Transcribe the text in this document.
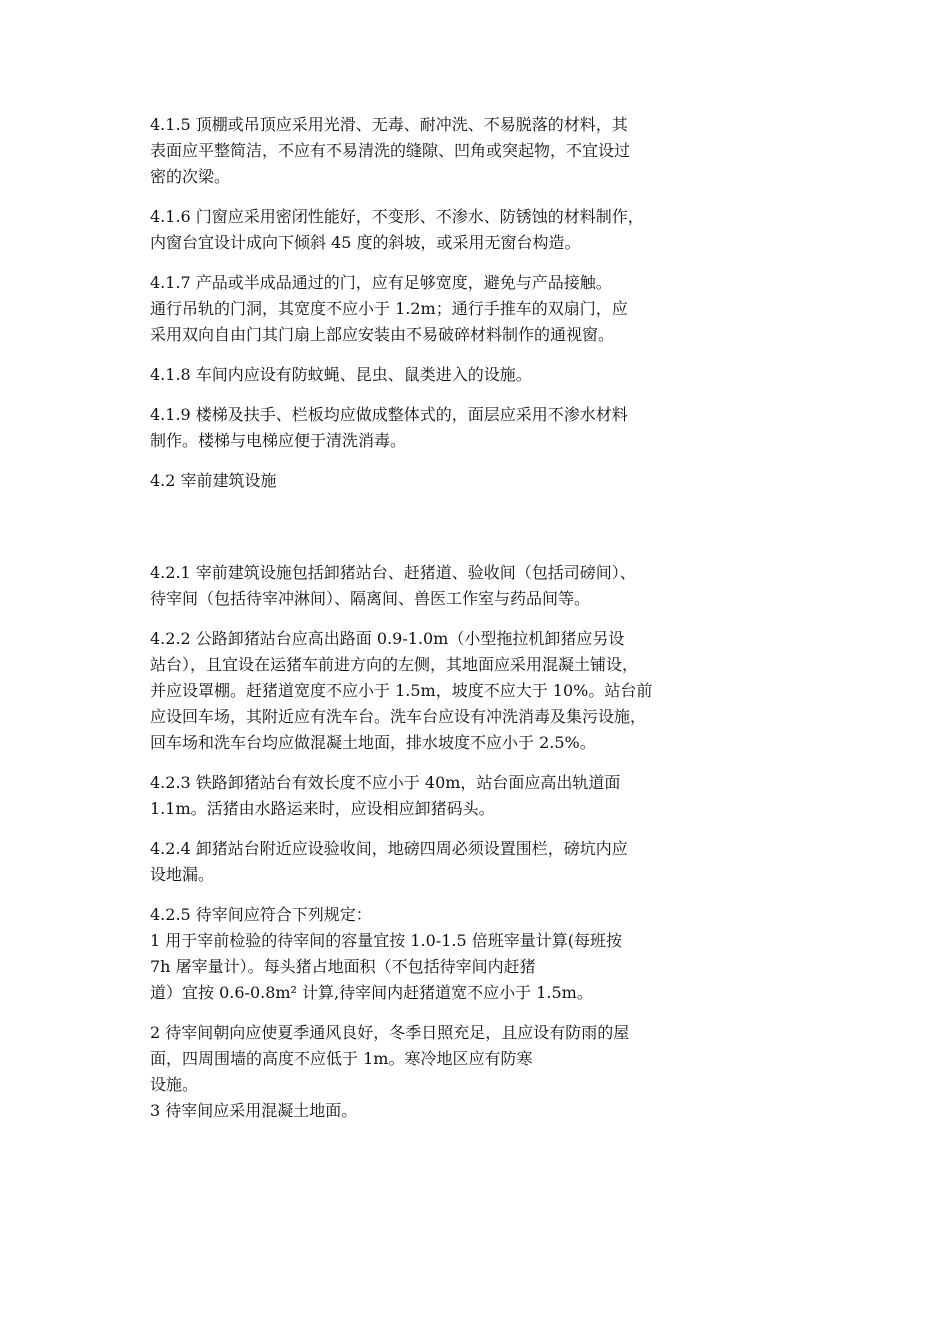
4.1.5 顶棚或吊顶应采用光滑、无毒、耐冲洗、不易脱落的材料，其
表面应平整简洁，不应有不易清洗的缝隙、凹角或突起物，不宜设过
密的次梁。
4.1.6 门窗应采用密闭性能好，不变形、不渗水、防锈蚀的材料制作，
内窗台宜设计成向下倾斜 45 度的斜坡，或采用无窗台构造。
4.1.7 产品或半成品通过的门，应有足够宽度，避免与产品接触。
通行吊轨的门洞，其宽度不应小于 1.2m；通行手推车的双扇门，应
采用双向自由门其门扇上部应安装由不易破碎材料制作的通视窗。
4.1.8 车间内应设有防蚊蝇、昆虫、鼠类进入的设施。
4.1.9 楼梯及扶手、栏板均应做成整体式的，面层应采用不渗水材料
制作。楼梯与电梯应便于清洗消毒。
4.2 宰前建筑设施
4.2.1 宰前建筑设施包括卸猪站台、赶猪道、验收间（包括司磅间）、
待宰间（包括待宰冲淋间）、隔离间、兽医工作室与药品间等。
4.2.2 公路卸猪站台应高出路面 0.9-1.0m（小型拖拉机卸猪应另设
站台），且宜设在运猪车前进方向的左侧，其地面应采用混凝土铺设，
并应设罩棚。赶猪道宽度不应小于 1.5m，坡度不应大于 10%。站台前
应设回车场，其附近应有洗车台。洗车台应设有冲洗消毒及集污设施，
回车场和洗车台均应做混凝土地面，排水坡度不应小于 2.5%。
4.2.3 铁路卸猪站台有效长度不应小于 40m，站台面应高出轨道面
1.1m。活猪由水路运来时，应设相应卸猪码头。
4.2.4 卸猪站台附近应设验收间，地磅四周必须设置围栏，磅坑内应
设地漏。
4.2.5 待宰间应符合下列规定：
1 用于宰前检验的待宰间的容量宜按 1.0-1.5 倍班宰量计算(每班按
7h 屠宰量计）。每头猪占地面积（不包括待宰间内赶猪
道）宜按 0.6-0.8m² 计算,待宰间内赶猪道宽不应小于 1.5m。
2 待宰间朝向应使夏季通风良好，冬季日照充足，且应设有防雨的屋
面，四周围墙的高度不应低于 1m。寒冷地区应有防寒
设施。
3 待宰间应采用混凝土地面。
